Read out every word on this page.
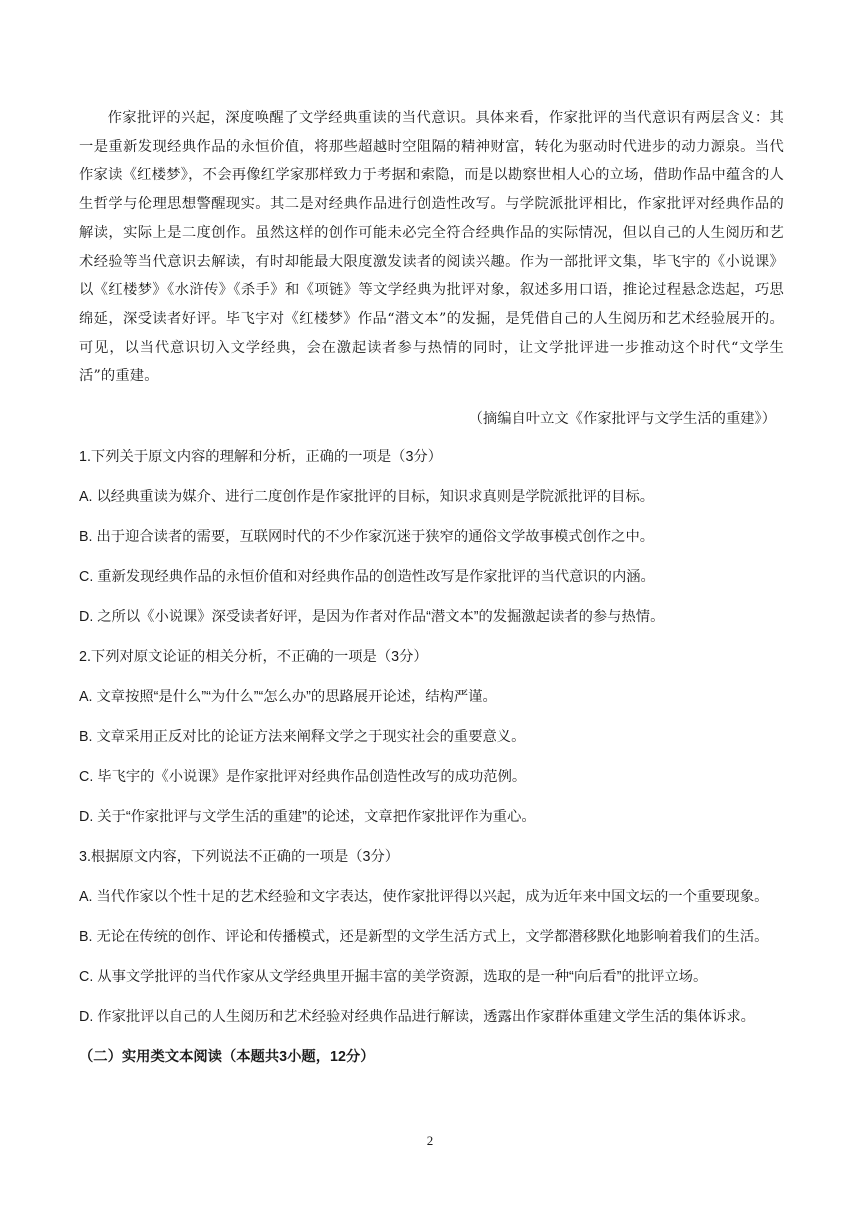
作家批评的兴起，深度唤醒了文学经典重读的当代意识。具体来看，作家批评的当代意识有两层含义：其一是重新发现经典作品的永恒价值，将那些超越时空阻隔的精神财富，转化为驱动时代进步的动力源泉。当代作家读《红楼梦》，不会再像红学家那样致力于考据和索隐，而是以勘察世相人心的立场，借助作品中蕴含的人生哲学与伦理思想警醒现实。其二是对经典作品进行创造性改写。与学院派批评相比，作家批评对经典作品的解读，实际上是二度创作。虽然这样的创作可能未必完全符合经典作品的实际情况，但以自己的人生阅历和艺术经验等当代意识去解读，有时却能最大限度激发读者的阅读兴趣。作为一部批评文集，毕飞宇的《小说课》以《红楼梦》《水浒传》《杀手》和《项链》等文学经典为批评对象，叙述多用口语，推论过程悬念迭起，巧思绵延，深受读者好评。毕飞宇对《红楼梦》作品“潜文本”的发掘，是凭借自己的人生阅历和艺术经验展开的。可见，以当代意识切入文学经典，会在激起读者参与热情的同时，让文学批评进一步推动这个时代“文学生活”的重建。

（摘编自叶立文《作家批评与文学生活的重建》）

1.下列关于原文内容的理解和分析，正确的一项是（3分）

A. 以经典重读为媒介、进行二度创作是作家批评的目标，知识求真则是学院派批评的目标。

B. 出于迎合读者的需要，互联网时代的不少作家沉迷于狭窄的通俗文学故事模式创作之中。

C. 重新发现经典作品的永恒价值和对经典作品的创造性改写是作家批评的当代意识的内涵。

D. 之所以《小说课》深受读者好评，是因为作者对作品“潜文本”的发掘激起读者的参与热情。

2.下列对原文论证的相关分析，不正确的一项是（3分）

A. 文章按照“是什么”“为什么”“怎么办”的思路展开论述，结构严谨。

B. 文章采用正反对比的论证方法来阐释文学之于现实社会的重要意义。

C. 毕飞宇的《小说课》是作家批评对经典作品创造性改写的成功范例。

D. 关于“作家批评与文学生活的重建”的论述，文章把作家批评作为重心。

3.根据原文内容，下列说法不正确的一项是（3分）

A. 当代作家以个性十足的艺术经验和文字表达，使作家批评得以兴起，成为近年来中国文坛的一个重要现象。

B. 无论在传统的创作、评论和传播模式，还是新型的文学生活方式上，文学都潜移默化地影响着我们的生活。

C. 从事文学批评的当代作家从文学经典里开掘丰富的美学资源，选取的是一种“向后看”的批评立场。

D. 作家批评以自己的人生阅历和艺术经验对经典作品进行解读，透露出作家群体重建文学生活的集体诉求。

（二）实用类文本阅读（本题共3小题，12分）

2
